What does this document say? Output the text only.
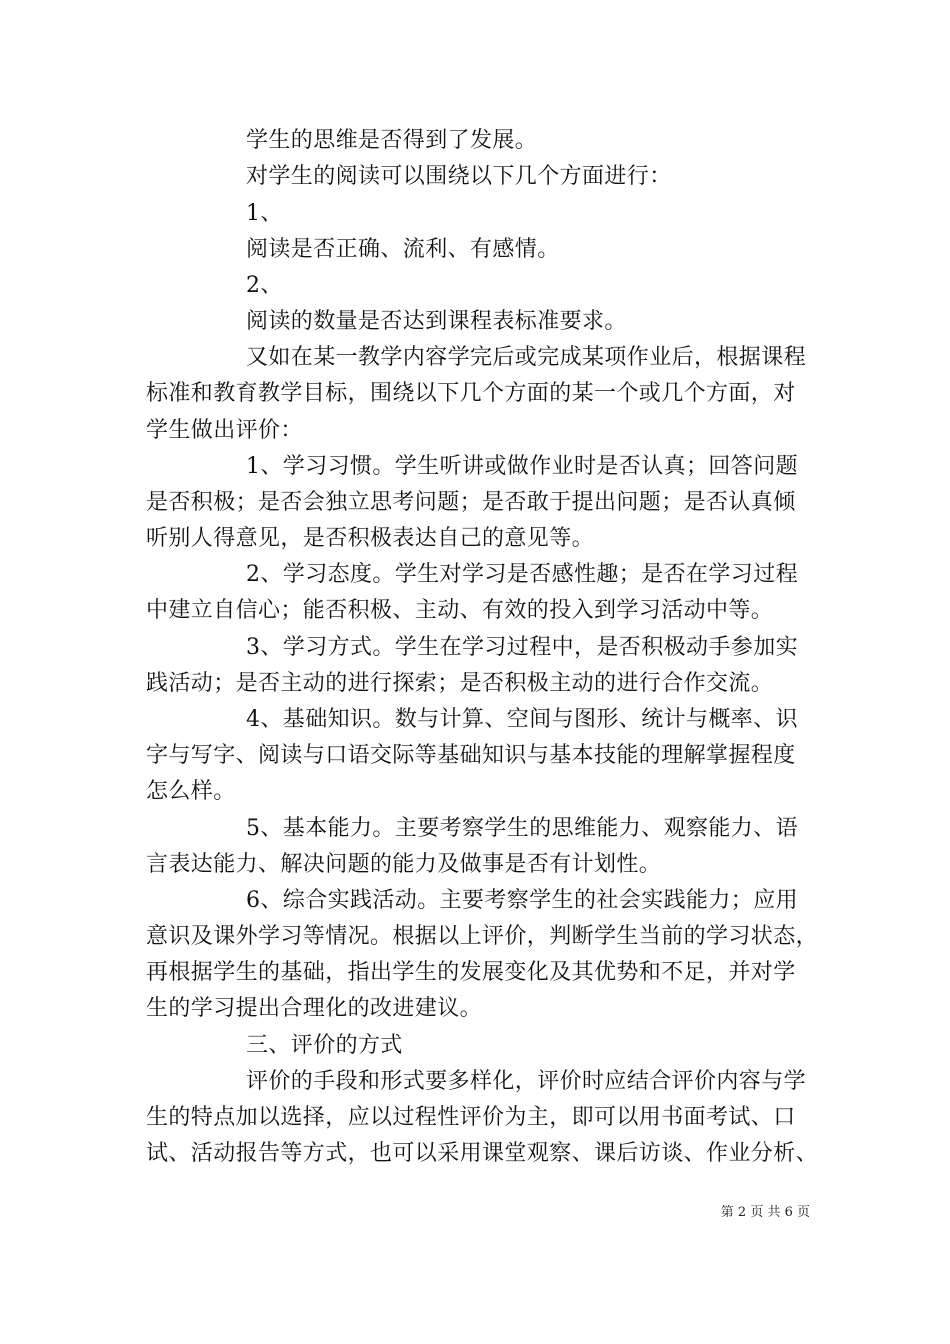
学生的思维是否得到了发展。
对学生的阅读可以围绕以下几个方面进行：
1、
阅读是否正确、流利、有感情。
2、
阅读的数量是否达到课程表标准要求。
又如在某一教学内容学完后或完成某项作业后，根据课程
标准和教育教学目标，围绕以下几个方面的某一个或几个方面，对
学生做出评价：
1、学习习惯。学生听讲或做作业时是否认真；回答问题
是否积极；是否会独立思考问题；是否敢于提出问题；是否认真倾
听别人得意见，是否积极表达自己的意见等。
2、学习态度。学生对学习是否感性趣；是否在学习过程
中建立自信心；能否积极、主动、有效的投入到学习活动中等。
3、学习方式。学生在学习过程中，是否积极动手参加实
践活动；是否主动的进行探索；是否积极主动的进行合作交流。
4、基础知识。数与计算、空间与图形、统计与概率、识
字与写字、阅读与口语交际等基础知识与基本技能的理解掌握程度
怎么样。
5、基本能力。主要考察学生的思维能力、观察能力、语
言表达能力、解决问题的能力及做事是否有计划性。
6、综合实践活动。主要考察学生的社会实践能力；应用
意识及课外学习等情况。根据以上评价，判断学生当前的学习状态，
再根据学生的基础，指出学生的发展变化及其优势和不足，并对学
生的学习提出合理化的改进建议。
三、评价的方式
评价的手段和形式要多样化，评价时应结合评价内容与学
生的特点加以选择，应以过程性评价为主，即可以用书面考试、口
试、活动报告等方式，也可以采用课堂观察、课后访谈、作业分析、
第 2 页 共 6 页
